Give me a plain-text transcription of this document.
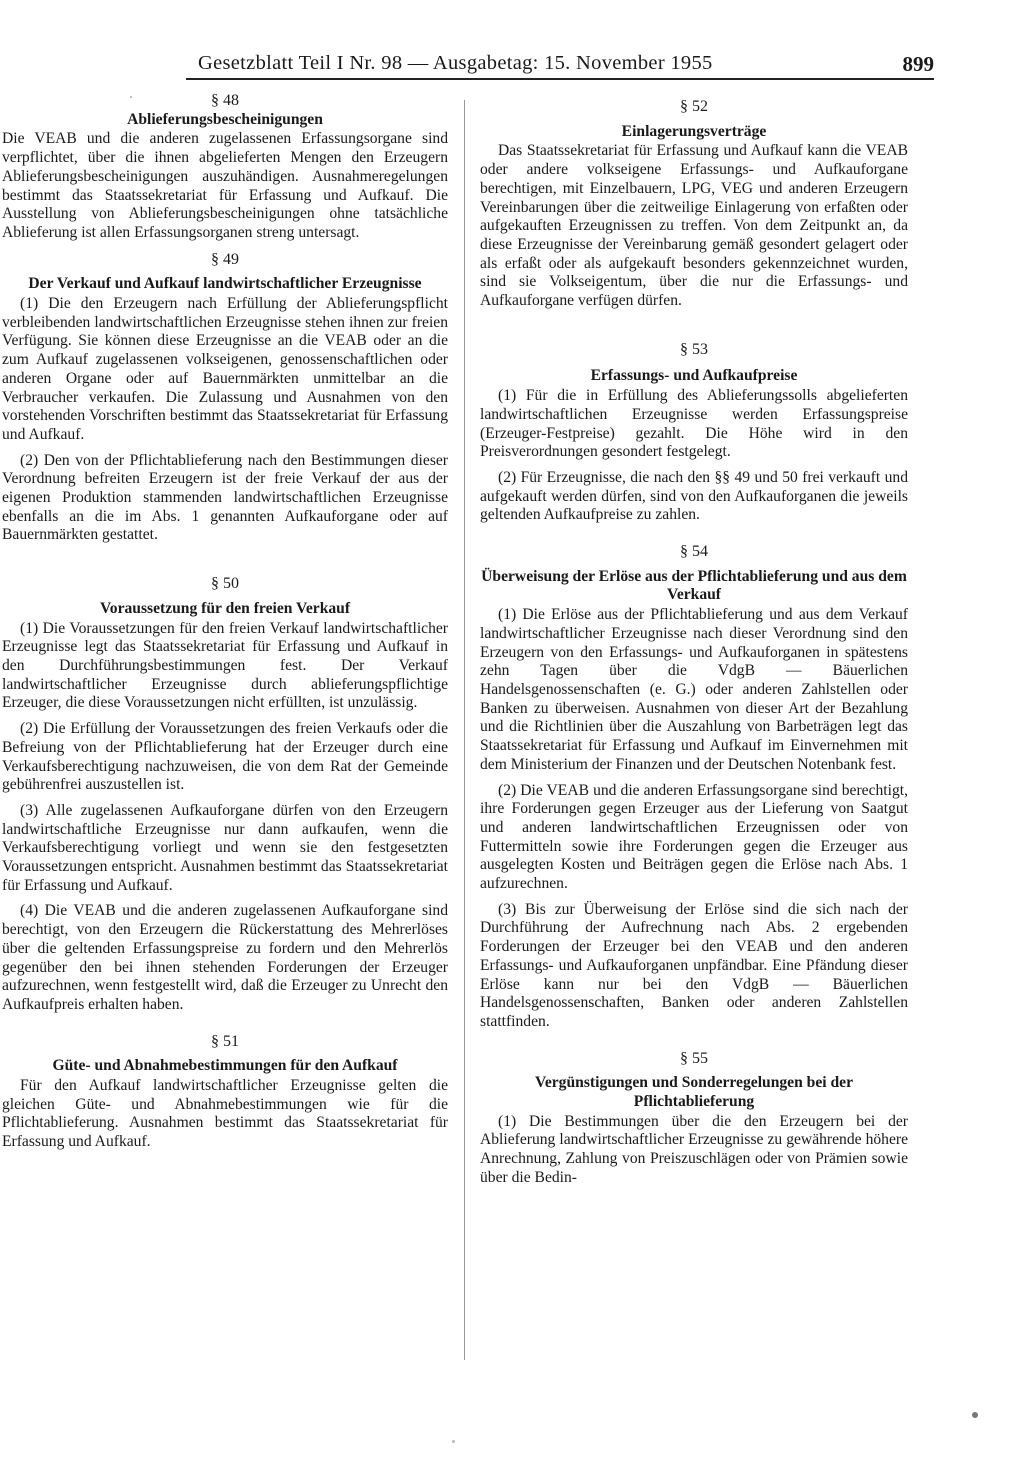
Gesetzblatt Teil I Nr. 98 — Ausgabetag: 15. November 1955	899

§ 48

Ablieferungsbescheinigungen

Die VEAB und die anderen zugelassenen Erfassungsorgane sind verpflichtet, über die ihnen abgelieferten Mengen den Erzeugern Ablieferungsbescheinigungen auszuhändigen. Ausnahmeregelungen bestimmt das Staatssekretariat für Erfassung und Aufkauf. Die Ausstellung von Ablieferungsbescheinigungen ohne tatsächliche Ablieferung ist allen Erfassungsorganen streng untersagt.

§ 49

Der Verkauf und Aufkauf landwirtschaftlicher Erzeugnisse

(1) Die den Erzeugern nach Erfüllung der Ablieferungspflicht verbleibenden landwirtschaftlichen Erzeugnisse stehen ihnen zur freien Verfügung. Sie können diese Erzeugnisse an die VEAB oder an die zum Aufkauf zugelassenen volkseigenen, genossenschaftlichen oder anderen Organe oder auf Bauernmärkten unmittelbar an die Verbraucher verkaufen. Die Zulassung und Ausnahmen von den vorstehenden Vorschriften bestimmt das Staatssekretariat für Erfassung und Aufkauf.

(2) Den von der Pflichtablieferung nach den Bestimmungen dieser Verordnung befreiten Erzeugern ist der freie Verkauf der aus der eigenen Produktion stammenden landwirtschaftlichen Erzeugnisse ebenfalls an die im Abs. 1 genannten Aufkauforgane oder auf Bauernmärkten gestattet.

§ 50

Voraussetzung für den freien Verkauf

(1) Die Voraussetzungen für den freien Verkauf landwirtschaftlicher Erzeugnisse legt das Staatssekretariat für Erfassung und Aufkauf in den Durchführungsbestimmungen fest. Der Verkauf landwirtschaftlicher Erzeugnisse durch ablieferungspflichtige Erzeuger, die diese Voraussetzungen nicht erfüllten, ist unzulässig.

(2) Die Erfüllung der Voraussetzungen des freien Verkaufs oder die Befreiung von der Pflichtablieferung hat der Erzeuger durch eine Verkaufsberechtigung nachzuweisen, die von dem Rat der Gemeinde gebührenfrei auszustellen ist.

(3) Alle zugelassenen Aufkauforgane dürfen von den Erzeugern landwirtschaftliche Erzeugnisse nur dann aufkaufen, wenn die Verkaufsberechtigung vorliegt und wenn sie den festgesetzten Voraussetzungen entspricht. Ausnahmen bestimmt das Staatssekretariat für Erfassung und Aufkauf.

(4) Die VEAB und die anderen zugelassenen Aufkauforgane sind berechtigt, von den Erzeugern die Rückerstattung des Mehrerlöses über die geltenden Erfassungspreise zu fordern und den Mehrerlös gegenüber den bei ihnen stehenden Forderungen der Erzeuger aufzurechnen, wenn festgestellt wird, daß die Erzeuger zu Unrecht den Aufkaufpreis erhalten haben.

§ 51

Güte- und Abnahmebestimmungen für den Aufkauf

Für den Aufkauf landwirtschaftlicher Erzeugnisse gelten die gleichen Güte- und Abnahmebestimmungen wie für die Pflichtablieferung. Ausnahmen bestimmt das Staatssekretariat für Erfassung und Aufkauf.

§ 52

Einlagerungsverträge

Das Staatssekretariat für Erfassung und Aufkauf kann die VEAB oder andere volkseigene Erfassungs- und Aufkauforgane berechtigen, mit Einzelbauern, LPG, VEG und anderen Erzeugern Vereinbarungen über die zeitweilige Einlagerung von erfaßten oder aufgekauften Erzeugnissen zu treffen. Von dem Zeitpunkt an, da diese Erzeugnisse der Vereinbarung gemäß gesondert gelagert oder als erfaßt oder als aufgekauft besonders gekennzeichnet wurden, sind sie Volkseigentum, über die nur die Erfassungs- und Aufkauforgane verfügen dürfen.

§ 53

Erfassungs- und Aufkaufpreise

(1) Für die in Erfüllung des Ablieferungssolls abgelieferten landwirtschaftlichen Erzeugnisse werden Erfassungspreise (Erzeuger-Festpreise) gezahlt. Die Höhe wird in den Preisverordnungen gesondert festgelegt.

(2) Für Erzeugnisse, die nach den §§ 49 und 50 frei verkauft und aufgekauft werden dürfen, sind von den Aufkauforganen die jeweils geltenden Aufkaufpreise zu zahlen.

§ 54

Überweisung der Erlöse aus der Pflichtablieferung und aus dem Verkauf

(1) Die Erlöse aus der Pflichtablieferung und aus dem Verkauf landwirtschaftlicher Erzeugnisse nach dieser Verordnung sind den Erzeugern von den Erfassungs- und Aufkauforganen in spätestens zehn Tagen über die VdgB — Bäuerlichen Handelsgenossenschaften (e. G.) oder anderen Zahlstellen oder Banken zu überweisen. Ausnahmen von dieser Art der Bezahlung und die Richtlinien über die Auszahlung von Barbeträgen legt das Staatssekretariat für Erfassung und Aufkauf im Einvernehmen mit dem Ministerium der Finanzen und der Deutschen Notenbank fest.

(2) Die VEAB und die anderen Erfassungsorgane sind berechtigt, ihre Forderungen gegen Erzeuger aus der Lieferung von Saatgut und anderen landwirtschaftlichen Erzeugnissen oder von Futtermitteln sowie ihre Forderungen gegen die Erzeuger aus ausgelegten Kosten und Beiträgen gegen die Erlöse nach Abs. 1 aufzurechnen.

(3) Bis zur Überweisung der Erlöse sind die sich nach der Durchführung der Aufrechnung nach Abs. 2 ergebenden Forderungen der Erzeuger bei den VEAB und den anderen Erfassungs- und Aufkauforganen unpfändbar. Eine Pfändung dieser Erlöse kann nur bei den VdgB — Bäuerlichen Handelsgenossenschaften, Banken oder anderen Zahlstellen stattfinden.

§ 55

Vergünstigungen und Sonderregelungen bei der Pflichtablieferung

(1) Die Bestimmungen über die den Erzeugern bei der Ablieferung landwirtschaftlicher Erzeugnisse zu gewährende höhere Anrechnung, Zahlung von Preiszuschlägen oder von Prämien sowie über die Bedin-
